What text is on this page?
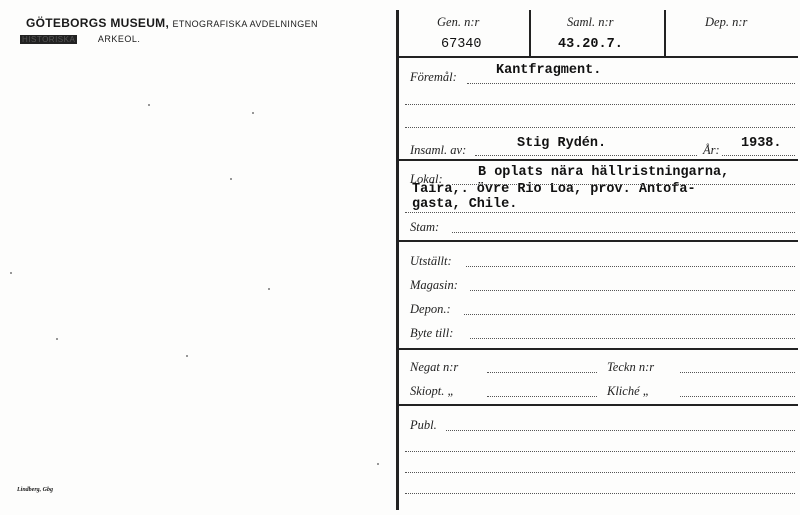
GÖTEBORGS MUSEUM, ETNOGRAFISKA AVDELNINGEN
HISTORISKA	ARKEOL.
Lindberg, Gbg
Gen. n:r
67340
Saml. n:r
43.20.7.
Dep. n:r
Föremål:	Kantfragment.
Insaml. av:	Stig Rydén.	År: 1938.
Lokal:	B oplats nära hällristningarna,
Taira,. övre Rio Loa, prov. Antofa-
gasta, Chile.
Stam:
Utställt:
Magasin:
Depon.:
Byte till:
Negat n:r	Teckn n:r
Skiopt. „	Kliché „
Publ.
